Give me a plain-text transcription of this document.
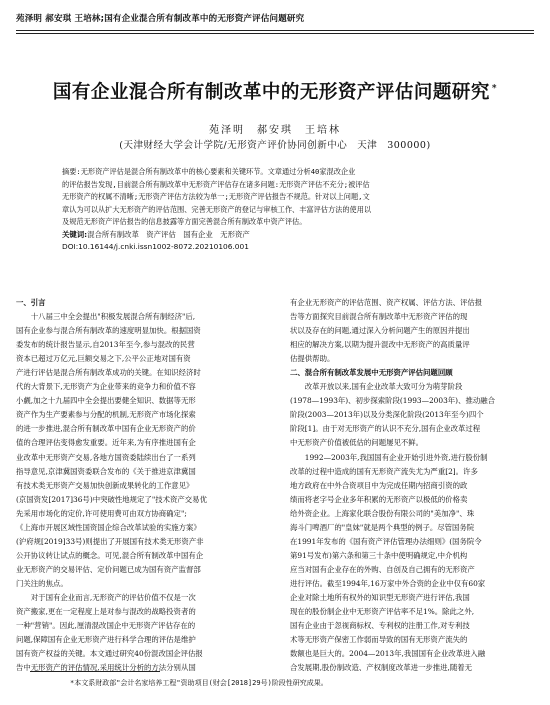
苑泽明 郝安琪 王培林;国有企业混合所有制改革中的无形资产评估问题研究
国有企业混合所有制改革中的无形资产评估问题研究 *
苑泽明　郝安琪　王培林
(天津财经大学会计学院/无形资产评价协同创新中心　天津　300000)
摘要:无形资产评估是混合所有制改革中的核心要素和关键环节。文章通过分析40家混改企业
的评估报告发现,目前混合所有制改革中无形资产评估存在诸多问题:无形资产评估不充分;被评估
无形资产的权属不清晰;无形资产评估方法较为单一;无形资产评估报告不规范。针对以上问题,文
章认为可以从扩大无形资产的评估范围、完善无形资产的登记与审核工作、丰富评估方法的使用以
及规范无形资产评估报告的信息披露等方面完善混合所有制改革中资产评估。
关键词:混合所有制改革　资产评估　国有企业　无形资产
DOI:10.16144/j.cnki.issn1002-8072.20210106.001
一、引言
　　十八届三中全会提出"积极发展混合所有制经济"后,
国有企业参与混合所有制改革的速度明显加快。根据国资
委发布的统计报告显示,自2013年至今,参与混改的民营
资本已超过万亿元,巨额交易之下,公平公正地对国有资
产进行评估是混合所有制改革成功的关键。在知识经济时
代的大背景下,无形资产为企业带来的竞争力和价值不容
小觑,加之十九届四中全会提出要健全知识、数据等无形
资产作为生产要素参与分配的机制,无形资产市场化探索
的进一步推进,混合所有制改革中国有企业无形资产的价
值的合理评估变得愈发重要。近年来,为有序推进国有企
业改革中无形资产交易,各地方国资委陆续出台了一系列
指导意见,京津冀国资委联合发布的《关于推进京津冀国
有技术类无形资产交易加快创新成果转化的工作意见》
(京国资发[2017]36号)中突破性地规定了"技术资产交易优
先采用市场化的定价,许可使用费可由双方协商确定";
《上海市开展区域性国资国企综合改革试验的实施方案》
(沪府规[2019]33号)则提出了开展国有技术类无形资产非
公开协议转让试点的概念。可见,混合所有制改革中国有企
业无形资产的交易评估、定价问题已成为国有资产监督部
门关注的焦点。
　　对于国有企业而言,无形资产的评估价值不仅是一次
资产搬家,更在一定程度上是对参与混改的战略投资者的
一种"营销"。因此,厘清混改国企中无形资产评估存在的
问题,保障国有企业无形资产进行科学合理的评估是维护
国有资产权益的关键。本文通过研究40份混改国企评估报
告中无形资产的评估情况,采用统计分析的方法分别从国
有企业无形资产的评估范围、资产权属、评估方法、评估报
告等方面探究目前混合所有制改革中无形资产评估的现
状以及存在的问题,通过深入分析问题产生的原因并提出
相应的解决方案,以期为提升混改中无形资产的高质量评
估提供帮助。
二、混合所有制改革发展中无形资产评估问题回顾
　　改革开放以来,国有企业改革大致可分为萌芽阶段
(1978—1993年)、初步探索阶段(1993—2003年)、推动融合
阶段(2003—2013年)以及分类深化阶段(2013年至今)四个
阶段[1]。由于对无形资产的认识不充分,国有企业改革过程
中无形资产价值被低估的问题屡见不鲜。
　　1992—2003年,我国国有企业开始引进外资,进行股份制
改革的过程中造成的国有无形资产流失尤为严重[2]。许多
地方政府在中外合资项目中为完成任期内招商引资的政
绩而将老字号企业多年积累的无形资产以极低的价格卖
给外资企业。上海家化联合股份有限公司的"美加净"、珠
海斗门啤酒厂的"皇妹"就是两个典型的例子。尽管国务院
在1991年发布的《国有资产评估管理办法细则》(国务院令
第91号发布)第六条和第三十条中使明确规定,中介机构
应当对国有企业存在的外购、自创及自己拥有的无形资产
进行评估。截至1994年,16万家中外合资的企业中仅有60家
企业对除土地所有权外的知识型无形资产进行评估,我国
现在的股份制企业中无形资产评估率不足1%。除此之外,
国有企业由于忽视商标权、专利权的注册工作,对专利技
术等无形资产保密工作弱而导致的国有无形资产流失的
数额也是巨大的。2004—2013年,我国国有企业改革进入融
合发展期,股份制改造、产权制度改革进一步推进,随着无
*本文系财政部"会计名家培养工程"资助项目(财会[2018]29号)阶段性研究成果。
